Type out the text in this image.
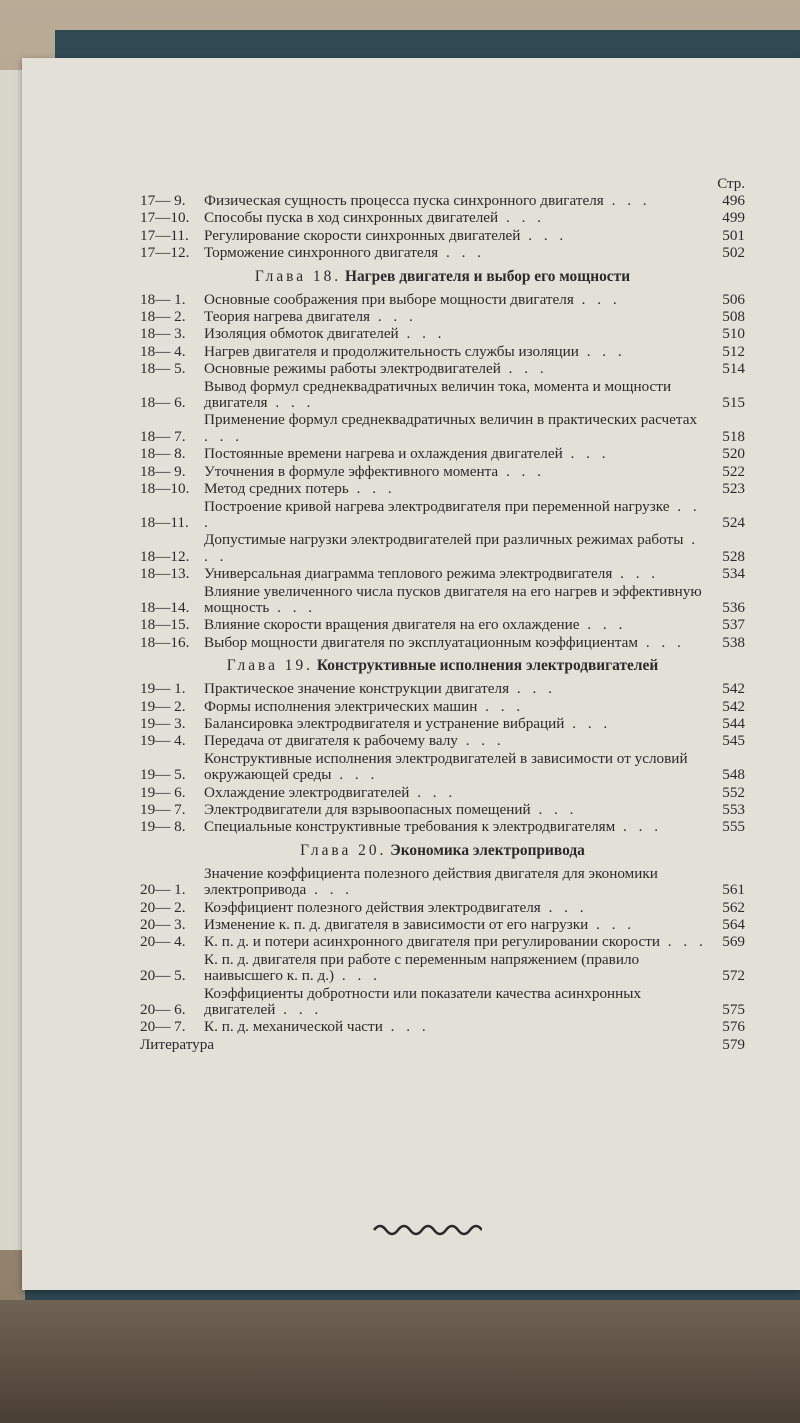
Стр.
17— 9.	Физическая сущность процесса пуска синхронного двигателя . . .	496
17—10. Способы пуска в ход синхронных двигателей . . .	499
17—11.	Регулирование скорости синхронных двигателей . . .	501
17—12. Торможение синхронного двигателя . . .	502
Глава 18. Нагрев двигателя и выбор его мощности
18— 1.	Основные соображения при выборе мощности двигателя . . .	506
18— 2.	Теория нагрева двигателя . . .	508
18— 3.	Изоляция обмоток двигателей . . .	510
18— 4.	Нагрев двигателя и продолжительность службы изоляции . . .	512
18— 5.	Основные режимы работы электродвигателей . . .	514
18— 6.
Вывод формул среднеквадратичных величин тока, момента и мощности двигателя . . .	515
18— 7.
Применение формул среднеквадратичных величин в практических расчетах . . .	518
18— 8.	Постоянные времени нагрева и охлаждения двигателей . . .	520
18— 9.	Уточнения в формуле эффективного момента . . .	522
18—10. Метод средних потерь . . .	523
18—11.
Построение кривой нагрева электродвигателя при переменной нагрузке . . .	524
18—12.
Допустимые нагрузки электродвигателей при различных режимах работы . . .	528
18—13. Универсальная диаграмма теплового режима электродвигателя . . .	534
18—14.
Влияние увеличенного числа пусков двигателя на его нагрев и эффективную мощность . . .	536
18—15. Влияние скорости вращения двигателя на его охлаждение . . .	537
18—16. Выбор мощности двигателя по эксплуатационным коэффициентам . . .	538
Глава 19. Конструктивные исполнения электродвигателей
19— 1.	Практическое значение конструкции двигателя . . .	542
19— 2.	Формы исполнения электрических машин . . .	542
19— 3.	Балансировка электродвигателя и устранение вибраций . . .	544
19— 4.	Передача от двигателя к рабочему валу . . .	545
19— 5.
Конструктивные исполнения электродвигателей в зависимости от условий окружающей среды . . .	548
19— 6.	Охлаждение электродвигателей . . .	552
19— 7.	Электродвигатели для взрывоопасных помещений . . .	553
19— 8.	Специальные конструктивные требования к электродвигателям . . .	555
Глава 20. Экономика электропривода
20— 1.
Значение коэффициента полезного действия двигателя для экономики электропривода . . .	561
20— 2.	Коэффициент полезного действия электродвигателя . . .	562
20— 3.	Изменение к. п. д. двигателя в зависимости от его нагрузки . . .	564
20— 4.	К. п. д. и потери асинхронного двигателя при регулировании скорости . . .	569
20— 5.
К. п. д. двигателя при работе с переменным напряжением (правило наивысшего к. п. д.) . . .	572
20— 6.
Коэффициенты добротности или показатели качества асинхронных двигателей . . .	575
20— 7.	К. п. д. механической части . . .	576
Литература	579
